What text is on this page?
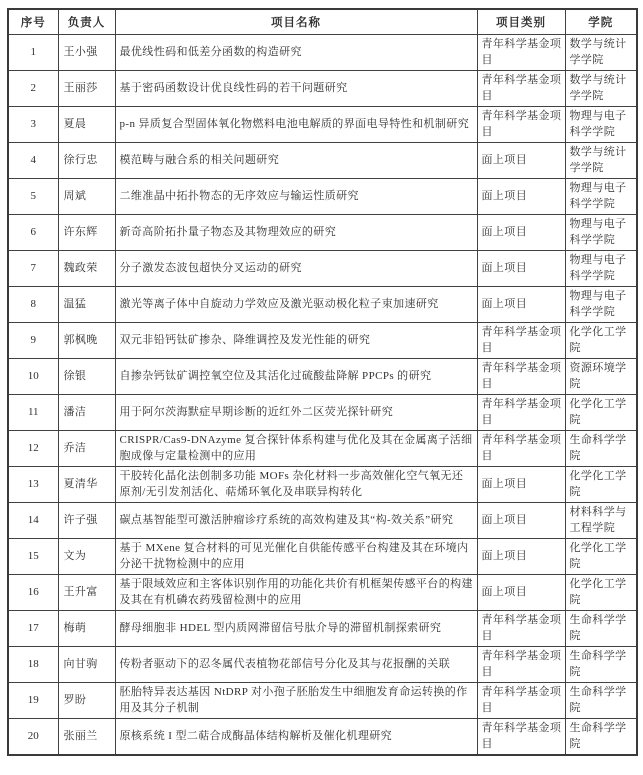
序号	负责人	项目名称	项目类别	学院
1	王小强	最优线性码和低差分函数的构造研究	青年科学基金项目	数学与统计学学院
2	王丽莎	基于密码函数设计优良线性码的若干问题研究	青年科学基金项目	数学与统计学学院
3	夏晨	p-n 异质复合型固体氧化物燃料电池电解质的界面电导特性和机制研究	青年科学基金项目	物理与电子科学学院
4	徐行忠	模范畴与融合系的相关问题研究	面上项目	数学与统计学学院
5	周斌	二维准晶中拓扑物态的无序效应与输运性质研究	面上项目	物理与电子科学学院
6	许东辉	新奇高阶拓扑量子物态及其物理效应的研究	面上项目	物理与电子科学学院
7	魏政荣	分子激发态波包超快分叉运动的研究	面上项目	物理与电子科学学院
8	温猛	激光等离子体中自旋动力学效应及激光驱动极化粒子束加速研究	面上项目	物理与电子科学学院
9	郭枫晚	双元非铅钙钛矿掺杂、降维调控及发光性能的研究	青年科学基金项目	化学化工学院
10	徐银	自掺杂钙钛矿调控氧空位及其活化过硫酸盐降解 PPCPs 的研究	青年科学基金项目	资源环境学院
11	潘洁	用于阿尔茨海默症早期诊断的近红外二区荧光探针研究	青年科学基金项目	化学化工学院
12	乔洁	CRISPR/Cas9-DNAzyme 复合探针体系构建与优化及其在金属离子活细胞成像与定量检测中的应用	青年科学基金项目	生命科学学院
13	夏清华	干胶转化晶化法创制多功能 MOFs 杂化材料一步高效催化空气氧无还原剂/无引发剂活化、萜烯环氧化及串联异构转化	面上项目	化学化工学院
14	许子强	碳点基智能型可激活肿瘤诊疗系统的高效构建及其“构-效关系”研究	面上项目	材料科学与工程学院
15	文为	基于 MXene 复合材料的可见光催化自供能传感平台构建及其在环境内分泌干扰物检测中的应用	面上项目	化学化工学院
16	王升富	基于限域效应和主客体识别作用的功能化共价有机框架传感平台的构建及其在有机磷农药残留检测中的应用	面上项目	化学化工学院
17	梅萌	酵母细胞非 HDEL 型内质网滞留信号肽介导的滞留机制探索研究	青年科学基金项目	生命科学学院
18	向甘驹	传粉者驱动下的忍冬属代表植物花部信号分化及其与花报酬的关联	青年科学基金项目	生命科学学院
19	罗盼	胚胎特异表达基因 NtDRP 对小孢子胚胎发生中细胞发育命运转换的作用及其分子机制	青年科学基金项目	生命科学学院
20	张丽兰	原核系统 I 型二萜合成酶晶体结构解析及催化机理研究	青年科学基金项目	生命科学学院
